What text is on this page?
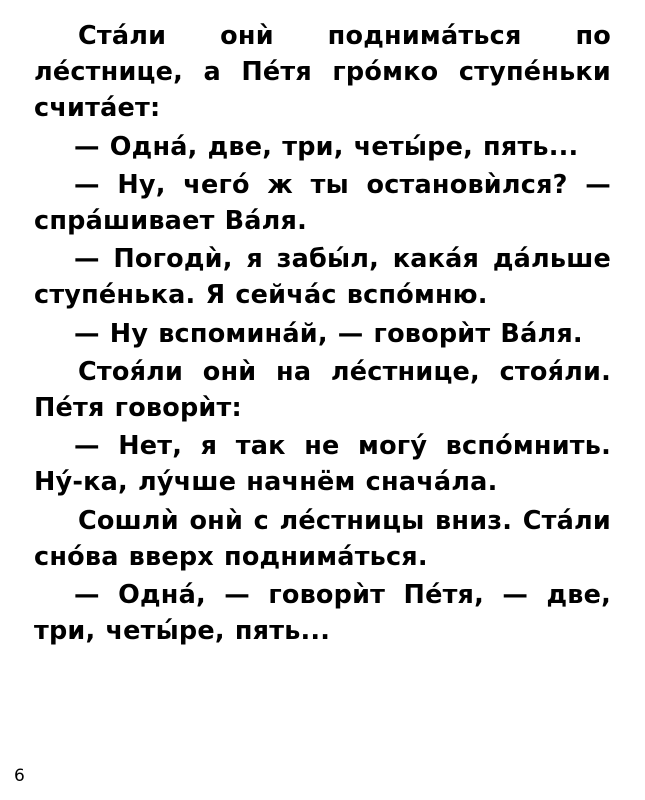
Стáли онѝ поднимáться по лéстнице, а Пéтя грóмко ступéньки считáет:

— Однá, две, три, четы́ре, пять...

— Ну, чегó ж ты остановѝлся? — спрáшивает Вáля.

— Погодѝ, я забы́л, какáя дáльше ступéнька. Я сейчáс вспóмню.

— Ну вспоминáй, — говорѝт Вáля.

Стоя́ли онѝ на лéстнице, стоя́ли. Пéтя говорѝт:

— Нет, я так не могý вспóмнить. Нý-ка, лýчше начнём сначáла.

Сошлѝ онѝ с лéстницы вниз. Стáли снóва вверх поднимáться.

— Однá, — говорѝт Пéтя, — две, три, четы́ре, пять...

6
